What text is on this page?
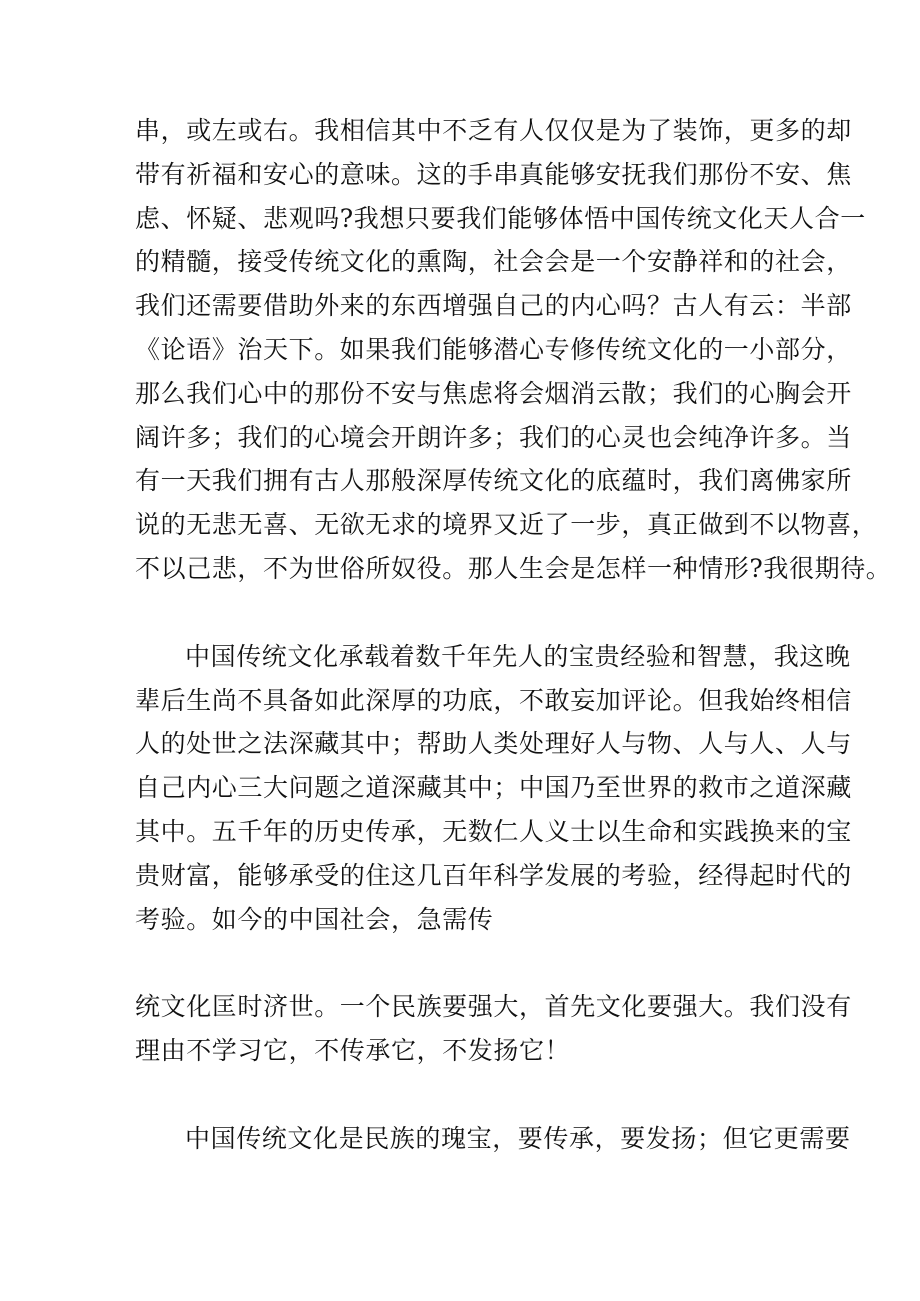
串，或左或右。我相信其中不乏有人仅仅是为了装饰，更多的却
带有祈福和安心的意味。这的手串真能够安抚我们那份不安、焦
虑、怀疑、悲观吗?我想只要我们能够体悟中国传统文化天人合一
的精髓，接受传统文化的熏陶，社会会是一个安静祥和的社会，
我们还需要借助外来的东西增强自己的内心吗？古人有云：半部
《论语》治天下。如果我们能够潜心专修传统文化的一小部分，
那么我们心中的那份不安与焦虑将会烟消云散；我们的心胸会开
阔许多；我们的心境会开朗许多；我们的心灵也会纯净许多。当
有一天我们拥有古人那般深厚传统文化的底蕴时，我们离佛家所
说的无悲无喜、无欲无求的境界又近了一步，真正做到不以物喜，
不以己悲，不为世俗所奴役。那人生会是怎样一种情形?我很期待。
中国传统文化承载着数千年先人的宝贵经验和智慧，我这晚
辈后生尚不具备如此深厚的功底，不敢妄加评论。但我始终相信
人的处世之法深藏其中；帮助人类处理好人与物、人与人、人与
自己内心三大问题之道深藏其中；中国乃至世界的救市之道深藏
其中。五千年的历史传承，无数仁人义士以生命和实践换来的宝
贵财富，能够承受的住这几百年科学发展的考验，经得起时代的
考验。如今的中国社会，急需传
统文化匡时济世。一个民族要强大，首先文化要强大。我们没有
理由不学习它，不传承它，不发扬它！
中国传统文化是民族的瑰宝，要传承，要发扬；但它更需要
